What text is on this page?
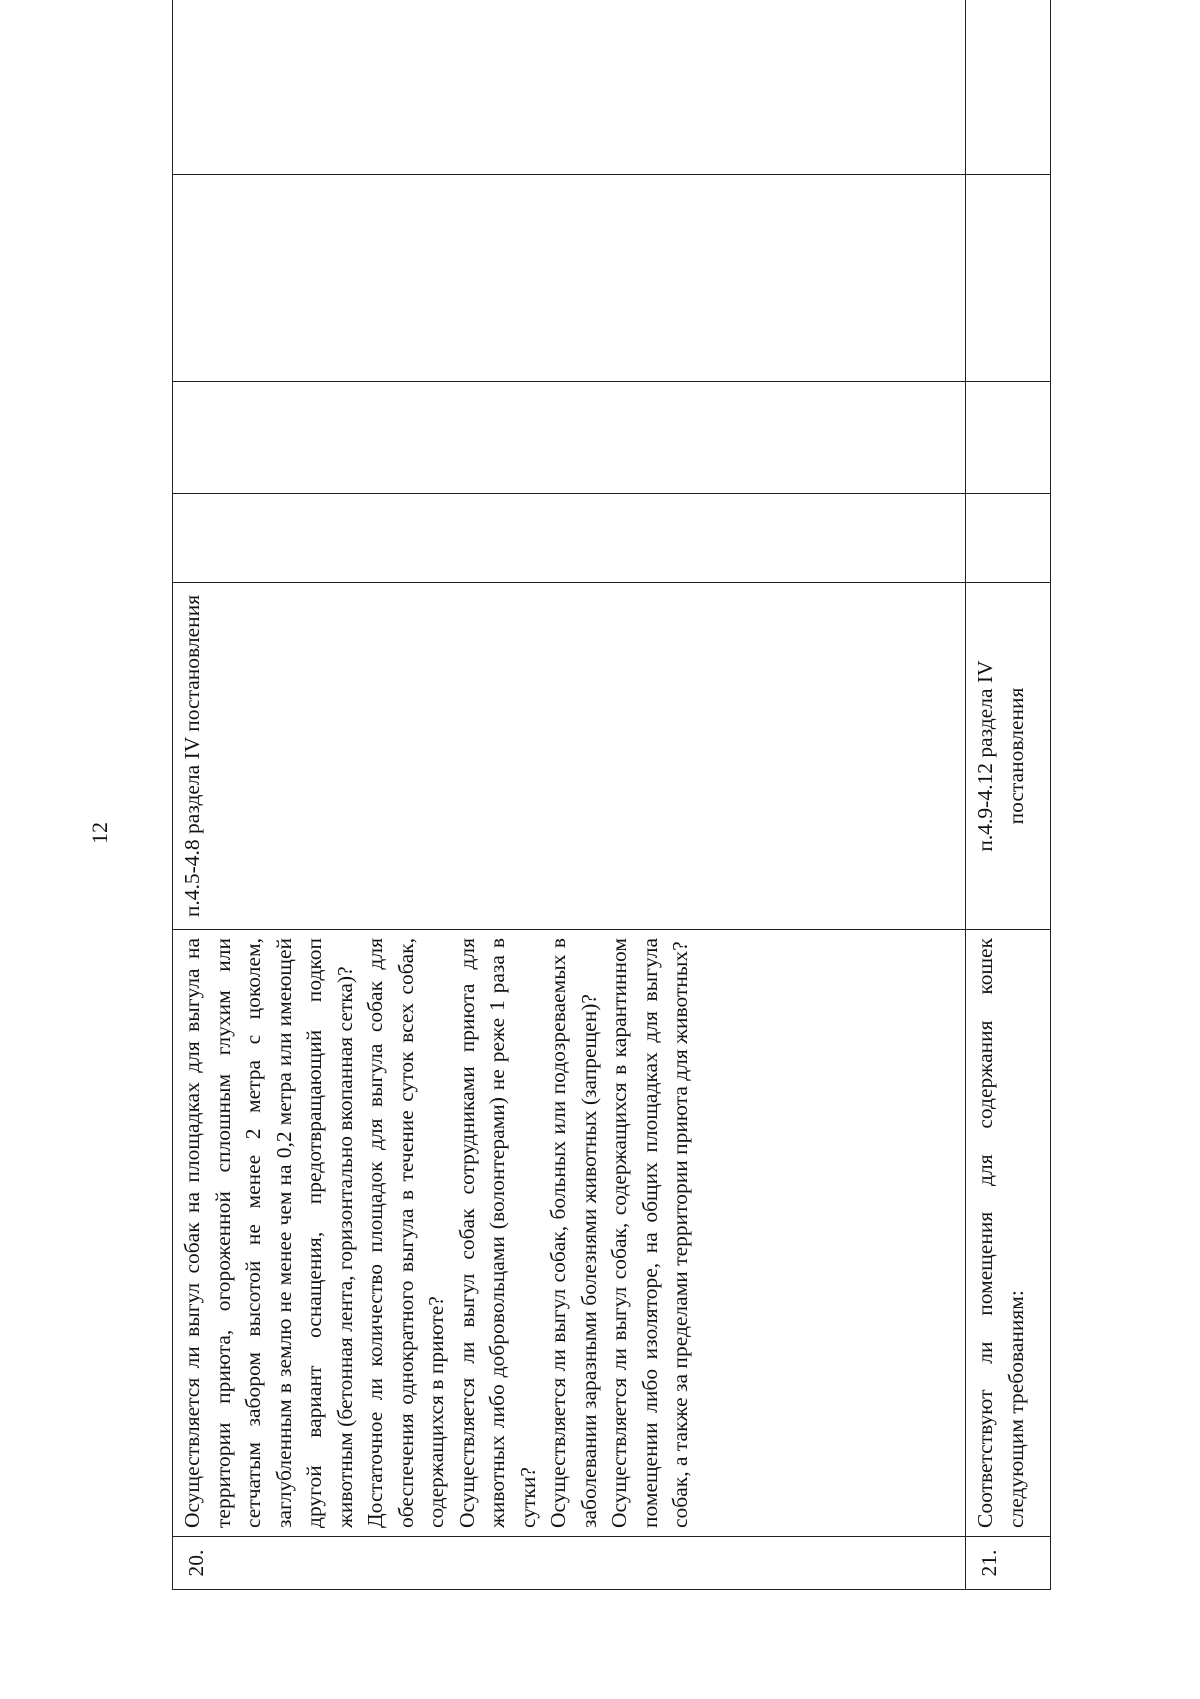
12
20.	Осуществляется ли выгул собак на площадках для выгула на территории приюта, огороженной сплошным глухим или сетчатым забором высотой не менее 2 метра с цоколем, заглубленным в землю не менее чем на 0,2 метра или имеющей другой вариант оснащения, предотвращающий подкоп животным (бетонная лента, горизонтально вкопанная сетка)? Достаточное ли количество площадок для выгула собак для обеспечения однократного выгула в течение суток всех собак, содержащихся в приюте? Осуществляется ли выгул собак сотрудниками приюта для животных либо добровольцами (волонтерами) не реже 1 раза в сутки? Осуществляется ли выгул собак, больных или подозреваемых в заболевании заразными болезнями животных (запрещен)? Осуществляется ли выгул собак, содержащихся в карантинном помещении либо изоляторе, на общих площадках для выгула собак, а также за пределами территории приюта для животных?	п.4.5-4.8 раздела IV постановления				
21.	Соответствуют ли помещения для содержания кошек следующим требованиям:	п.4.9-4.12 раздела IV постановления				
